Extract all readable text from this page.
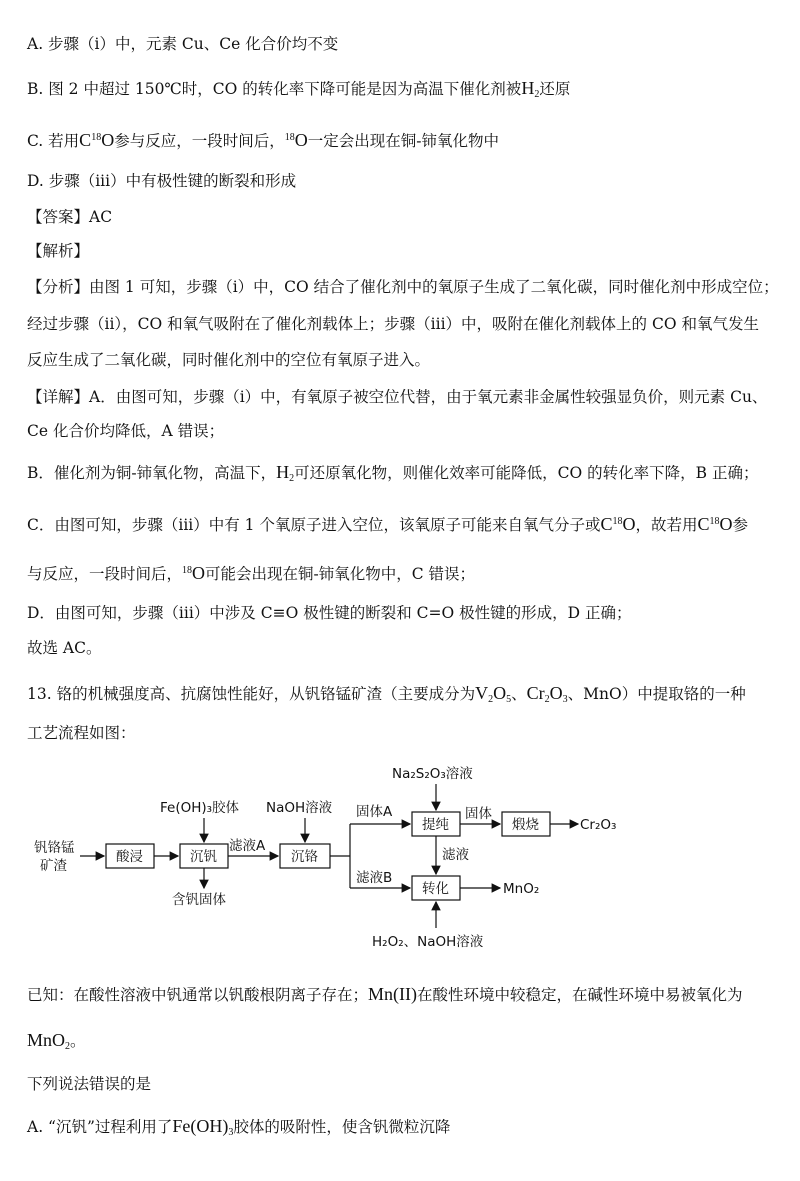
A. 步骤（i）中，元素 Cu、Ce 化合价均不变
B. 图 2 中超过 150℃时，CO 的转化率下降可能是因为高温下催化剂被$H_2$还原
C. 若用$C^{18}O$参与反应，一段时间后，$^{18}$O一定会出现在铜-铈氧化物中
D. 步骤（iii）中有极性键的断裂和形成
【答案】AC
【解析】
【分析】由图 1 可知，步骤（i）中，CO 结合了催化剂中的氧原子生成了二氧化碳，同时催化剂中形成空位；
经过步骤（ii），CO 和氧气吸附在了催化剂载体上；步骤（iii）中，吸附在催化剂载体上的 CO 和氧气发生
反应生成了二氧化碳，同时催化剂中的空位有氧原子进入。
【详解】A．由图可知，步骤（i）中，有氧原子被空位代替，由于氧元素非金属性较强显负价，则元素 Cu、
Ce 化合价均降低，A 错误；
B．催化剂为铜-铈氧化物，高温下，$H_2$可还原氧化物，则催化效率可能降低，CO 的转化率下降，B 正确；
C．由图可知，步骤（iii）中有 1 个氧原子进入空位，该氧原子可能来自氧气分子或$C^{18}O$，故若用$C^{18}O$参
与反应，一段时间后，$^{18}$O可能会出现在铜-铈氧化物中，C 错误；
D．由图可知，步骤（iii）中涉及 C≡O 极性键的断裂和 C=O 极性键的形成，D 正确；
故选 AC。
13. 铬的机械强度高、抗腐蚀性能好，从钒铬锰矿渣（主要成分为$V_2O_5$、$Cr_2O_3$、MnO）中提取铬的一种
工艺流程如图：
钒铬锰
矿渣
酸浸	沉钒
Fe(OH)₃胶体
含钒固体
滤液A
沉铬
NaOH溶液 固体A
滤液B
提纯
Na₂S₂O₃溶液
固体
煅烧	Cr₂O₃
滤液
转化	MnO₂
H₂O₂、NaOH溶液
已知：在酸性溶液中钒通常以钒酸根阴离子存在；Mn(II)在酸性环境中较稳定，在碱性环境中易被氧化为
MnO$_2$。
下列说法错误的是
A. “沉钒”过程利用了$Fe(OH)_3$胶体的吸附性，使含钒微粒沉降
